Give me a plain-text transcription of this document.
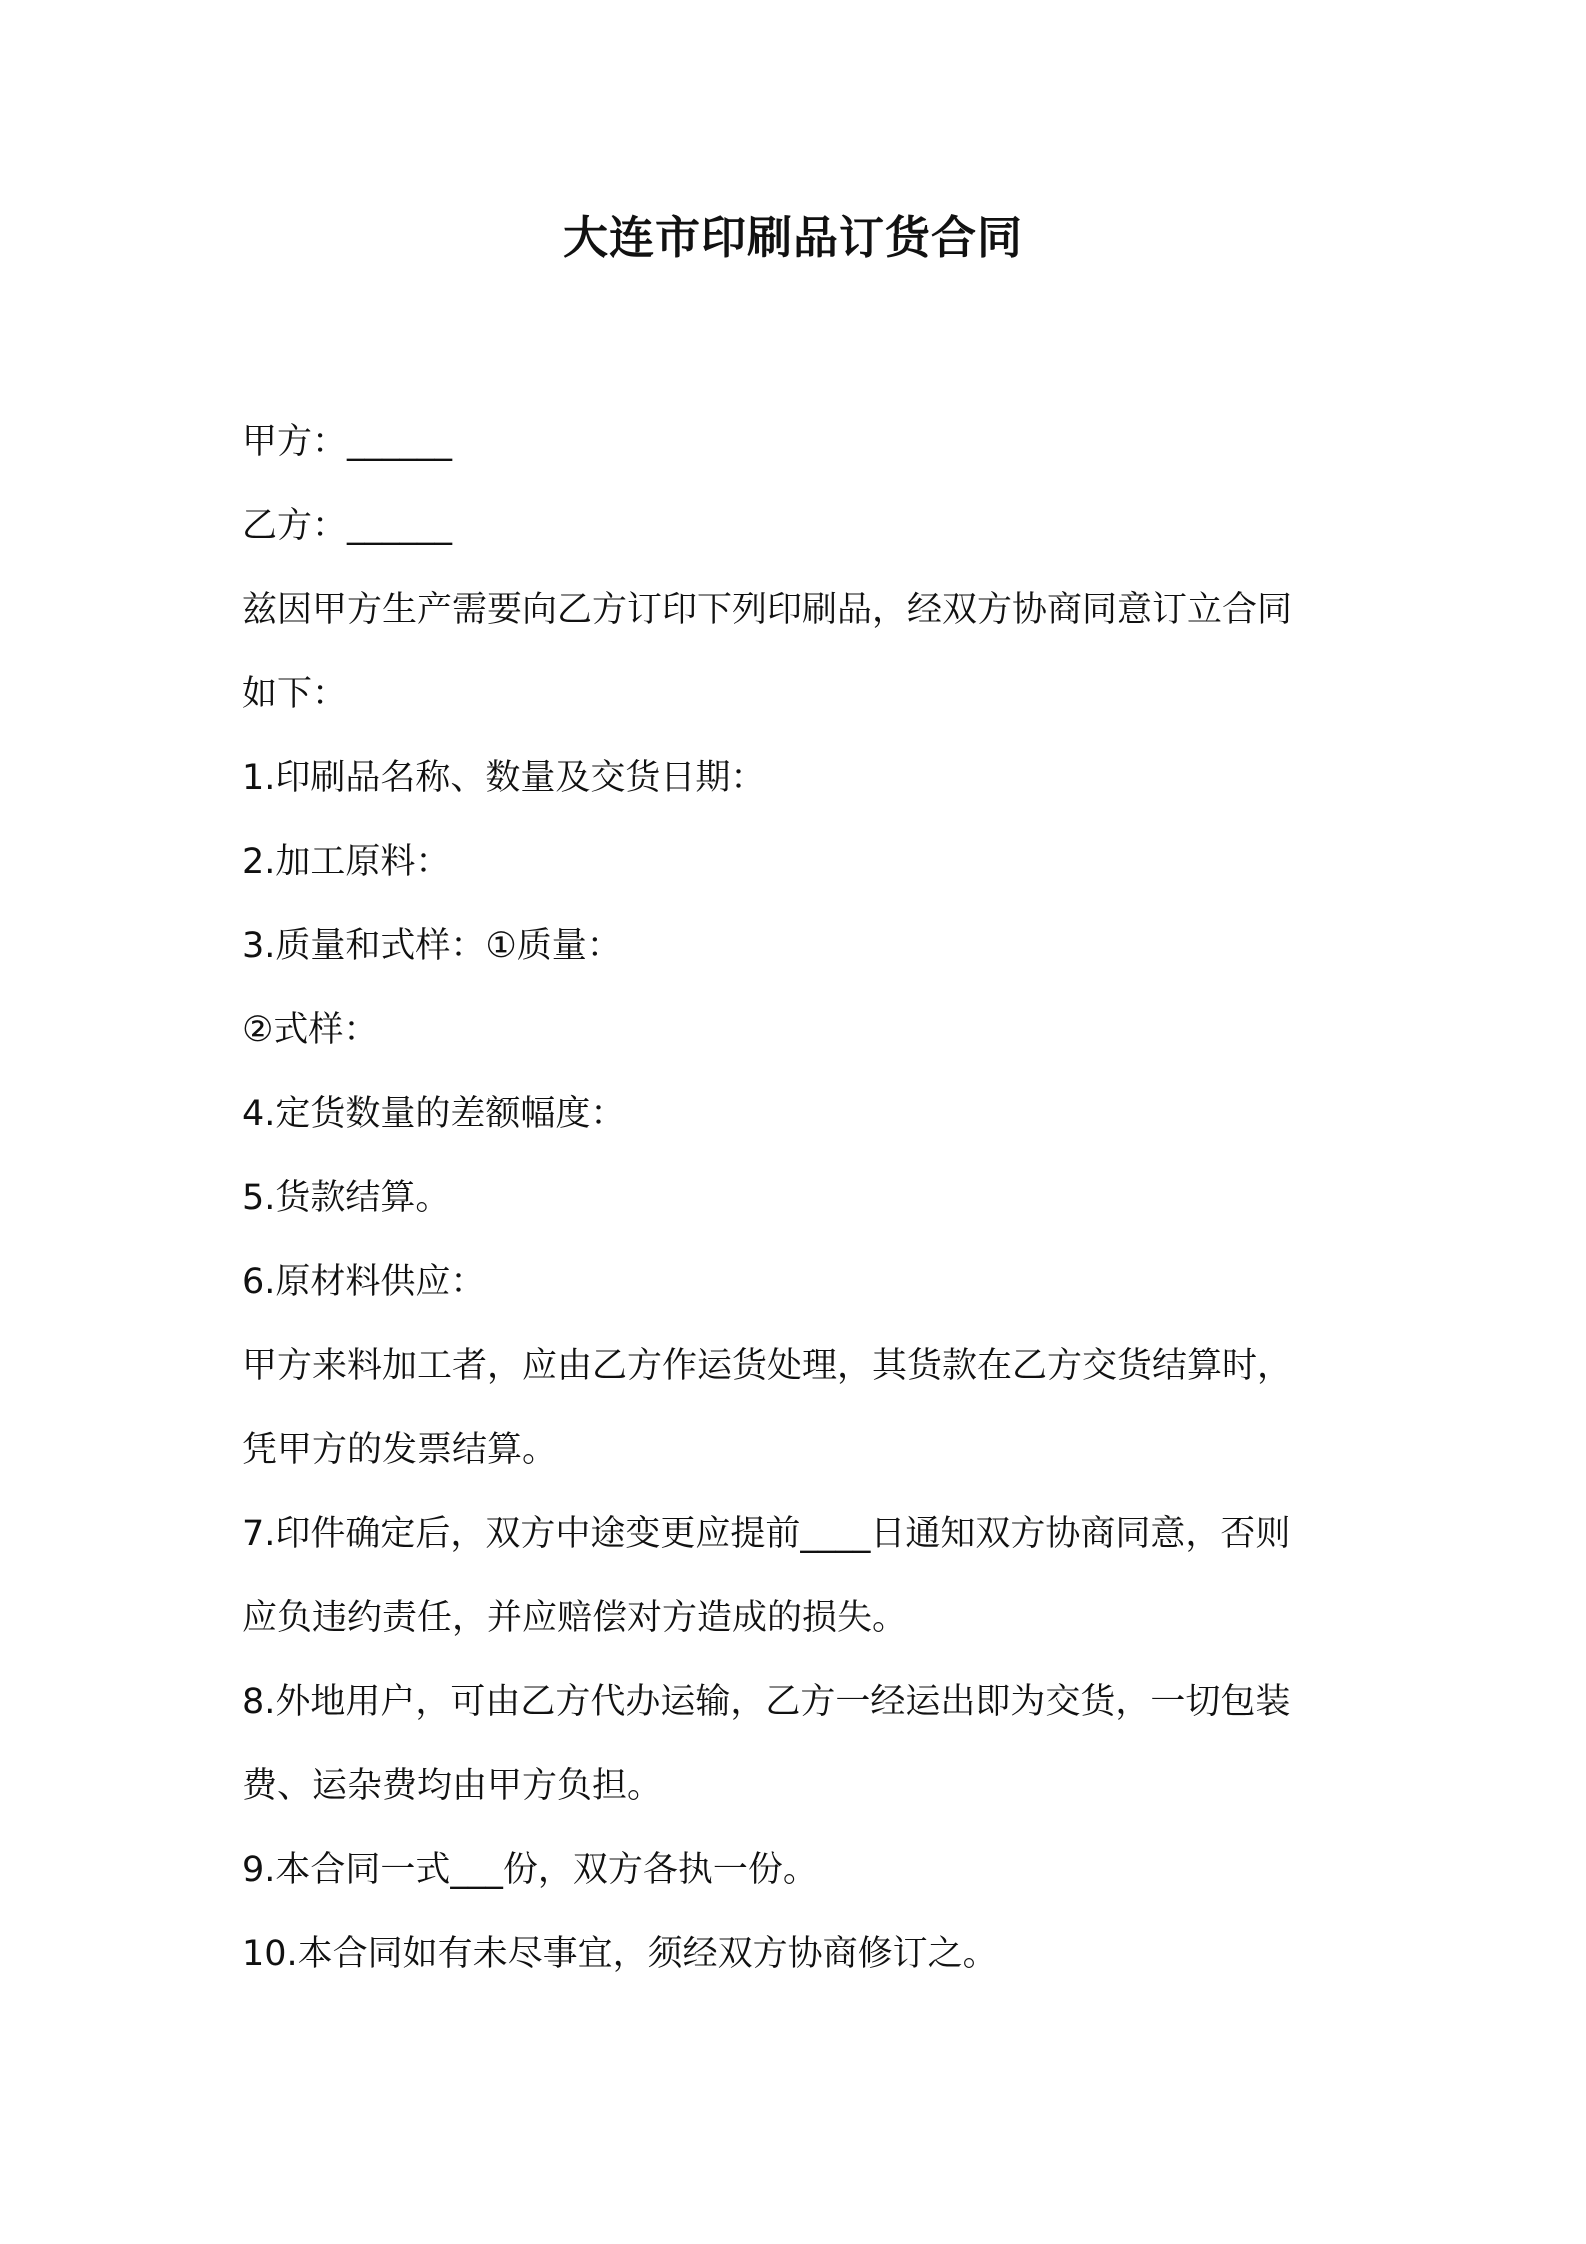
大连市印刷品订货合同

甲方：______

乙方：______

兹因甲方生产需要向乙方订印下列印刷品，经双方协商同意订立合同

如下：

1.印刷品名称、数量及交货日期：

2.加工原料：

3.质量和式样：①质量：

②式样：

4.定货数量的差额幅度：

5.货款结算。

6.原材料供应：

甲方来料加工者，应由乙方作运货处理，其货款在乙方交货结算时，

凭甲方的发票结算。

7.印件确定后，双方中途变更应提前____日通知双方协商同意，否则

应负违约责任，并应赔偿对方造成的损失。

8.外地用户，可由乙方代办运输，乙方一经运出即为交货，一切包装

费、运杂费均由甲方负担。

9.本合同一式___份，双方各执一份。

10.本合同如有未尽事宜，须经双方协商修订之。
